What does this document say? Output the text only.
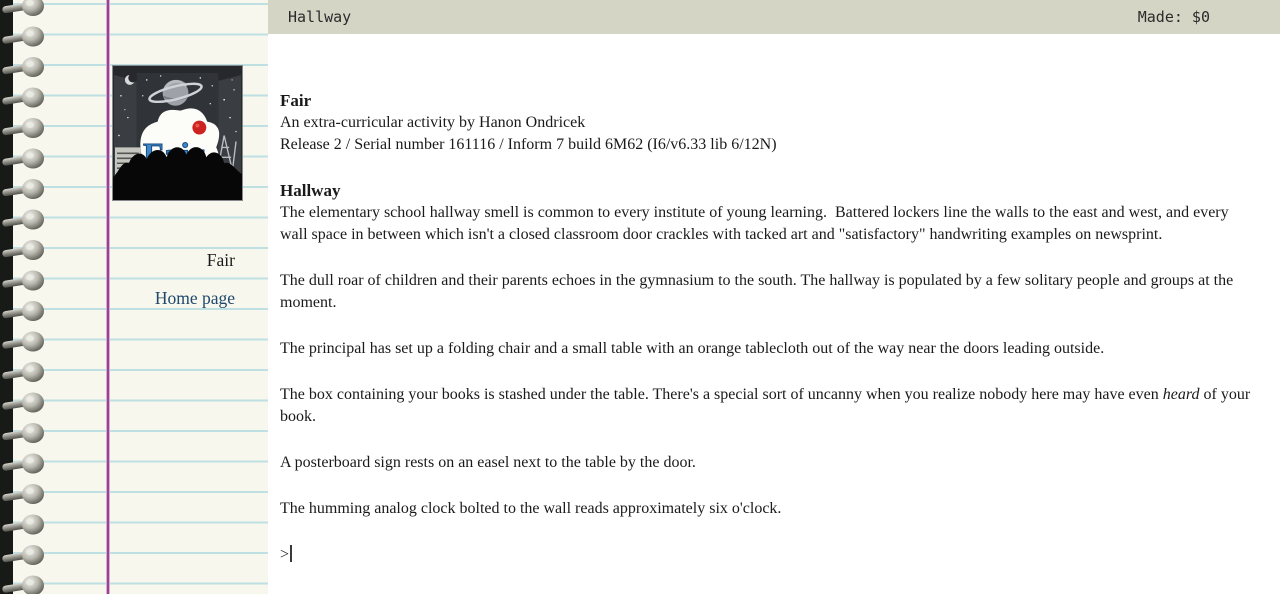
Fair
Home page
Hallway	Made: $0
Fair
An extra-curricular activity by Hanon Ondricek
Release 2 / Serial number 161116 / Inform 7 build 6M62 (I6/v6.33 lib 6/12N)
Hallway

The elementary school hallway smell is common to every institute of young learning.  Battered lockers line the walls to the east and west, and every wall space in between which isn't a closed classroom door crackles with tacked art and "satisfactory" handwriting examples on newsprint.

The dull roar of children and their parents echoes in the gymnasium to the south. The hallway is populated by a few solitary people and groups at the moment.

The principal has set up a folding chair and a small table with an orange tablecloth out of the way near the doors leading outside.

The box containing your books is stashed under the table. There's a special sort of uncanny when you realize nobody here may have even heard of your book.

A posterboard sign rests on an easel next to the table by the door.

The humming analog clock bolted to the wall reads approximately six o'clock.

>
